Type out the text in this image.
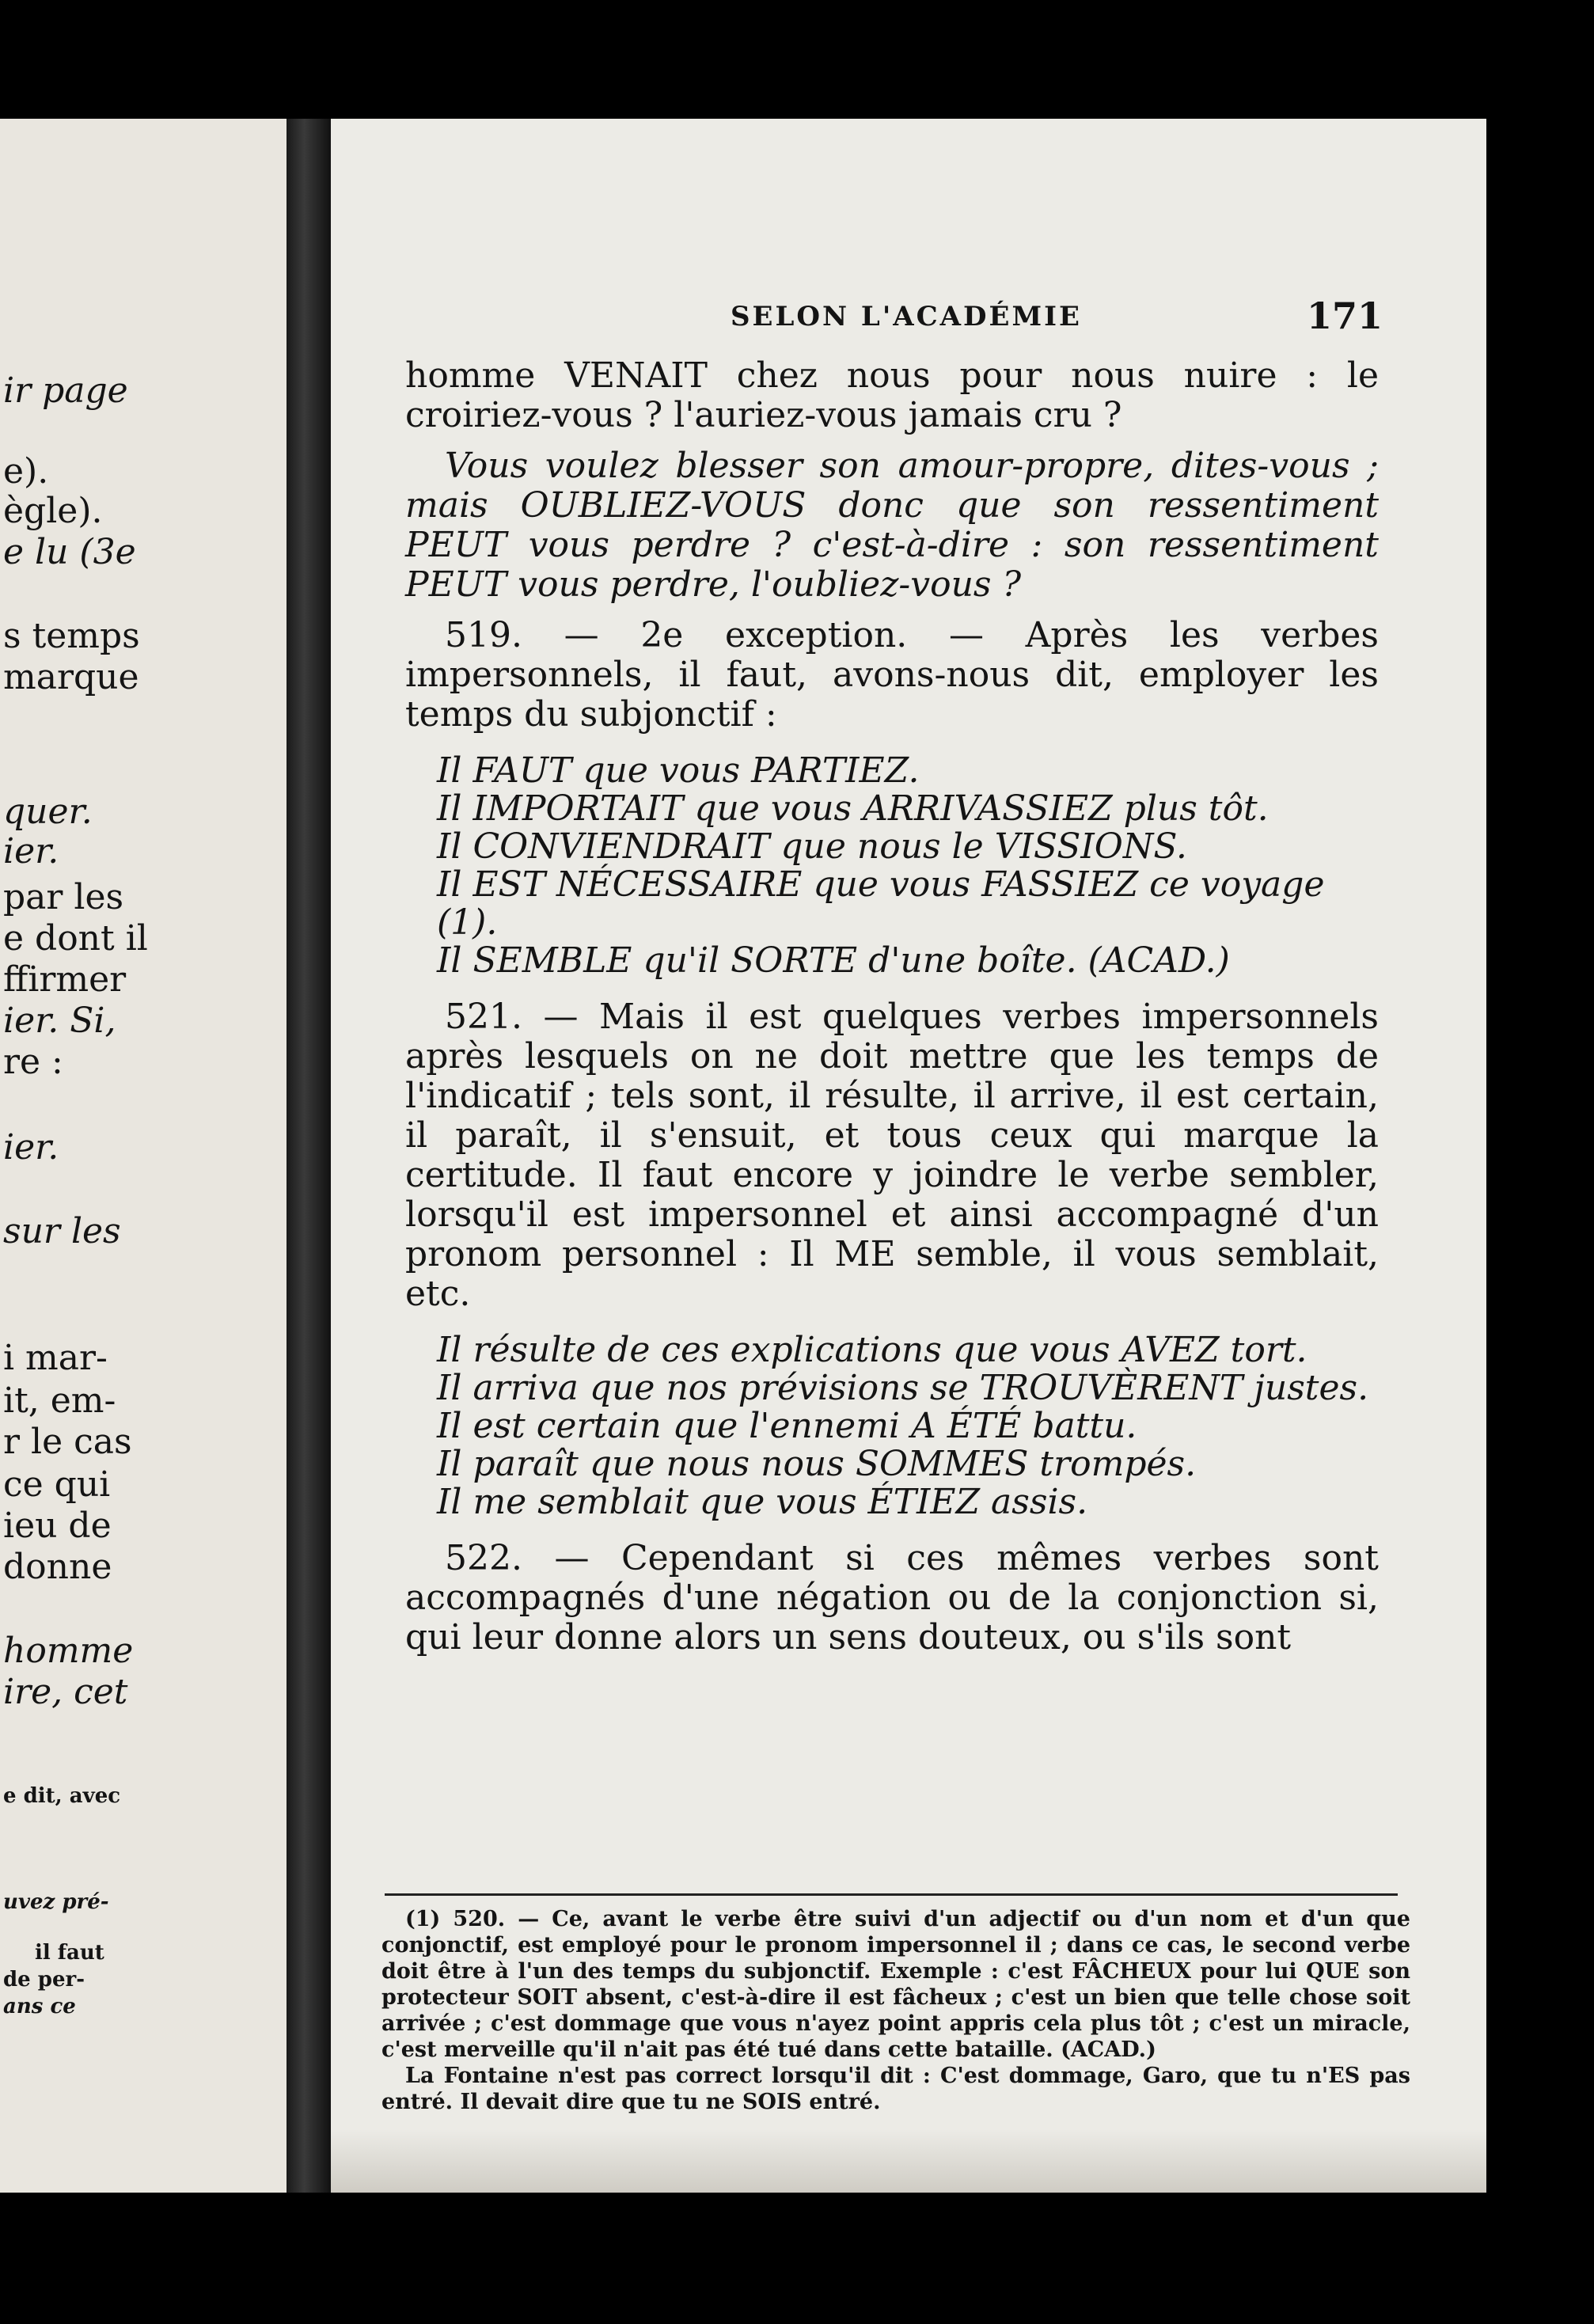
ir page
e).
ègle).
e lu (3e
s temps
marque
quer.
ier.
par les
e dont il
ffirmer
ier. Si,
re :
ier.
sur les
i mar-
it, em-
r le cas
ce qui
ieu de
donne
homme
ire, cet
e dit, avec
uvez pré-
il faut
de per-
ans ce
SELON L'ACADÉMIE	171

homme VENAIT chez nous pour nous nuire : le croiriez-vous ? l'auriez-vous jamais cru ?

Vous voulez blesser son amour-propre, dites-vous ; mais OUBLIEZ-VOUS donc que son ressentiment PEUT vous perdre ? c'est-à-dire : son ressentiment PEUT vous perdre, l'oubliez-vous ?

519. — 2e exception. — Après les verbes impersonnels, il faut, avons-nous dit, employer les temps du subjonctif :

Il FAUT que vous PARTIEZ.
Il IMPORTAIT que vous ARRIVASSIEZ plus tôt.
Il CONVIENDRAIT que nous le VISSIONS.
Il EST NÉCESSAIRE que vous FASSIEZ ce voyage (1).
Il SEMBLE qu'il SORTE d'une boîte. (ACAD.)

521. — Mais il est quelques verbes impersonnels après lesquels on ne doit mettre que les temps de l'indicatif ; tels sont, il résulte, il arrive, il est certain, il paraît, il s'ensuit, et tous ceux qui marque la certitude. Il faut encore y joindre le verbe sembler, lorsqu'il est impersonnel et ainsi accompagné d'un pronom personnel : Il ME semble, il vous semblait, etc.

Il résulte de ces explications que vous AVEZ tort.
Il arriva que nos prévisions se TROUVÈRENT justes.
Il est certain que l'ennemi A ÉTÉ battu.
Il paraît que nous nous SOMMES trompés.
Il me semblait que vous ÉTIEZ assis.

522. — Cependant si ces mêmes verbes sont accompagnés d'une négation ou de la conjonction si, qui leur donne alors un sens douteux, ou s'ils sont

(1) 520. — Ce, avant le verbe être suivi d'un adjectif ou d'un nom et d'un que conjonctif, est employé pour le pronom impersonnel il ; dans ce cas, le second verbe doit être à l'un des temps du subjonctif. Exemple : c'est FÂCHEUX pour lui QUE son protecteur SOIT absent, c'est-à-dire il est fâcheux ; c'est un bien que telle chose soit arrivée ; c'est dommage que vous n'ayez point appris cela plus tôt ; c'est un miracle, c'est merveille qu'il n'ait pas été tué dans cette bataille. (ACAD.)

La Fontaine n'est pas correct lorsqu'il dit : C'est dommage, Garo, que tu n'ES pas entré. Il devait dire que tu ne SOIS entré.
